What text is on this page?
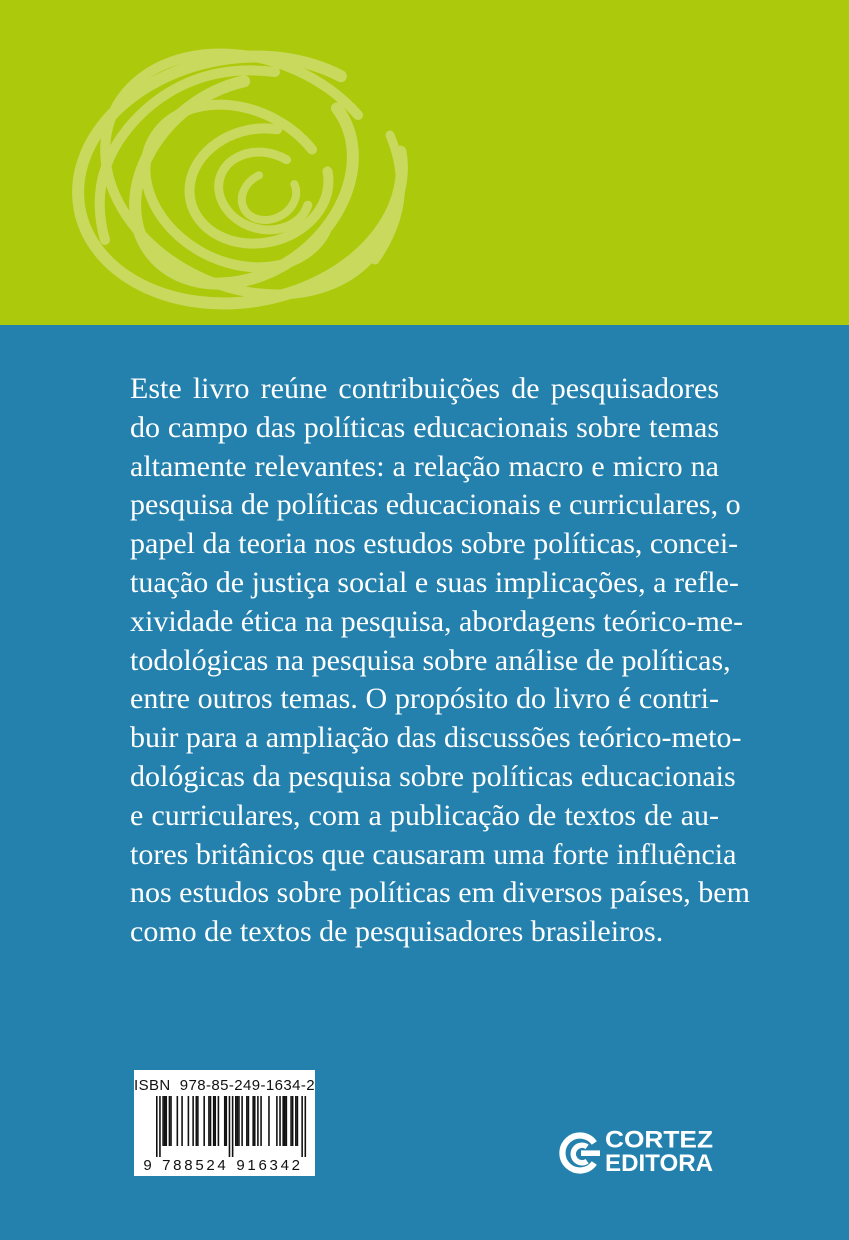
Este livro reúne contribuições de pesquisadores
do campo das políticas educacionais sobre temas
altamente relevantes: a relação macro e micro na
pesquisa de políticas educacionais e curriculares, o
papel da teoria nos estudos sobre políticas, concei-
tuação de justiça social e suas implicações, a refle-
xividade ética na pesquisa, abordagens teórico-me-
todológicas na pesquisa sobre análise de políticas,
entre outros temas. O propósito do livro é contri-
buir para a ampliação das discussões teórico-meto-
dológicas da pesquisa sobre políticas educacionais
e curriculares, com a publicação de textos de au-
tores britânicos que causaram uma forte influência
nos estudos sobre políticas em diversos países, bem
como de textos de pesquisadores brasileiros.
ISBN  978-85-249-1634-2
9 7 8 8 5 2 4 9 1 6 3 4 2
CORTEZ
EDITORA
